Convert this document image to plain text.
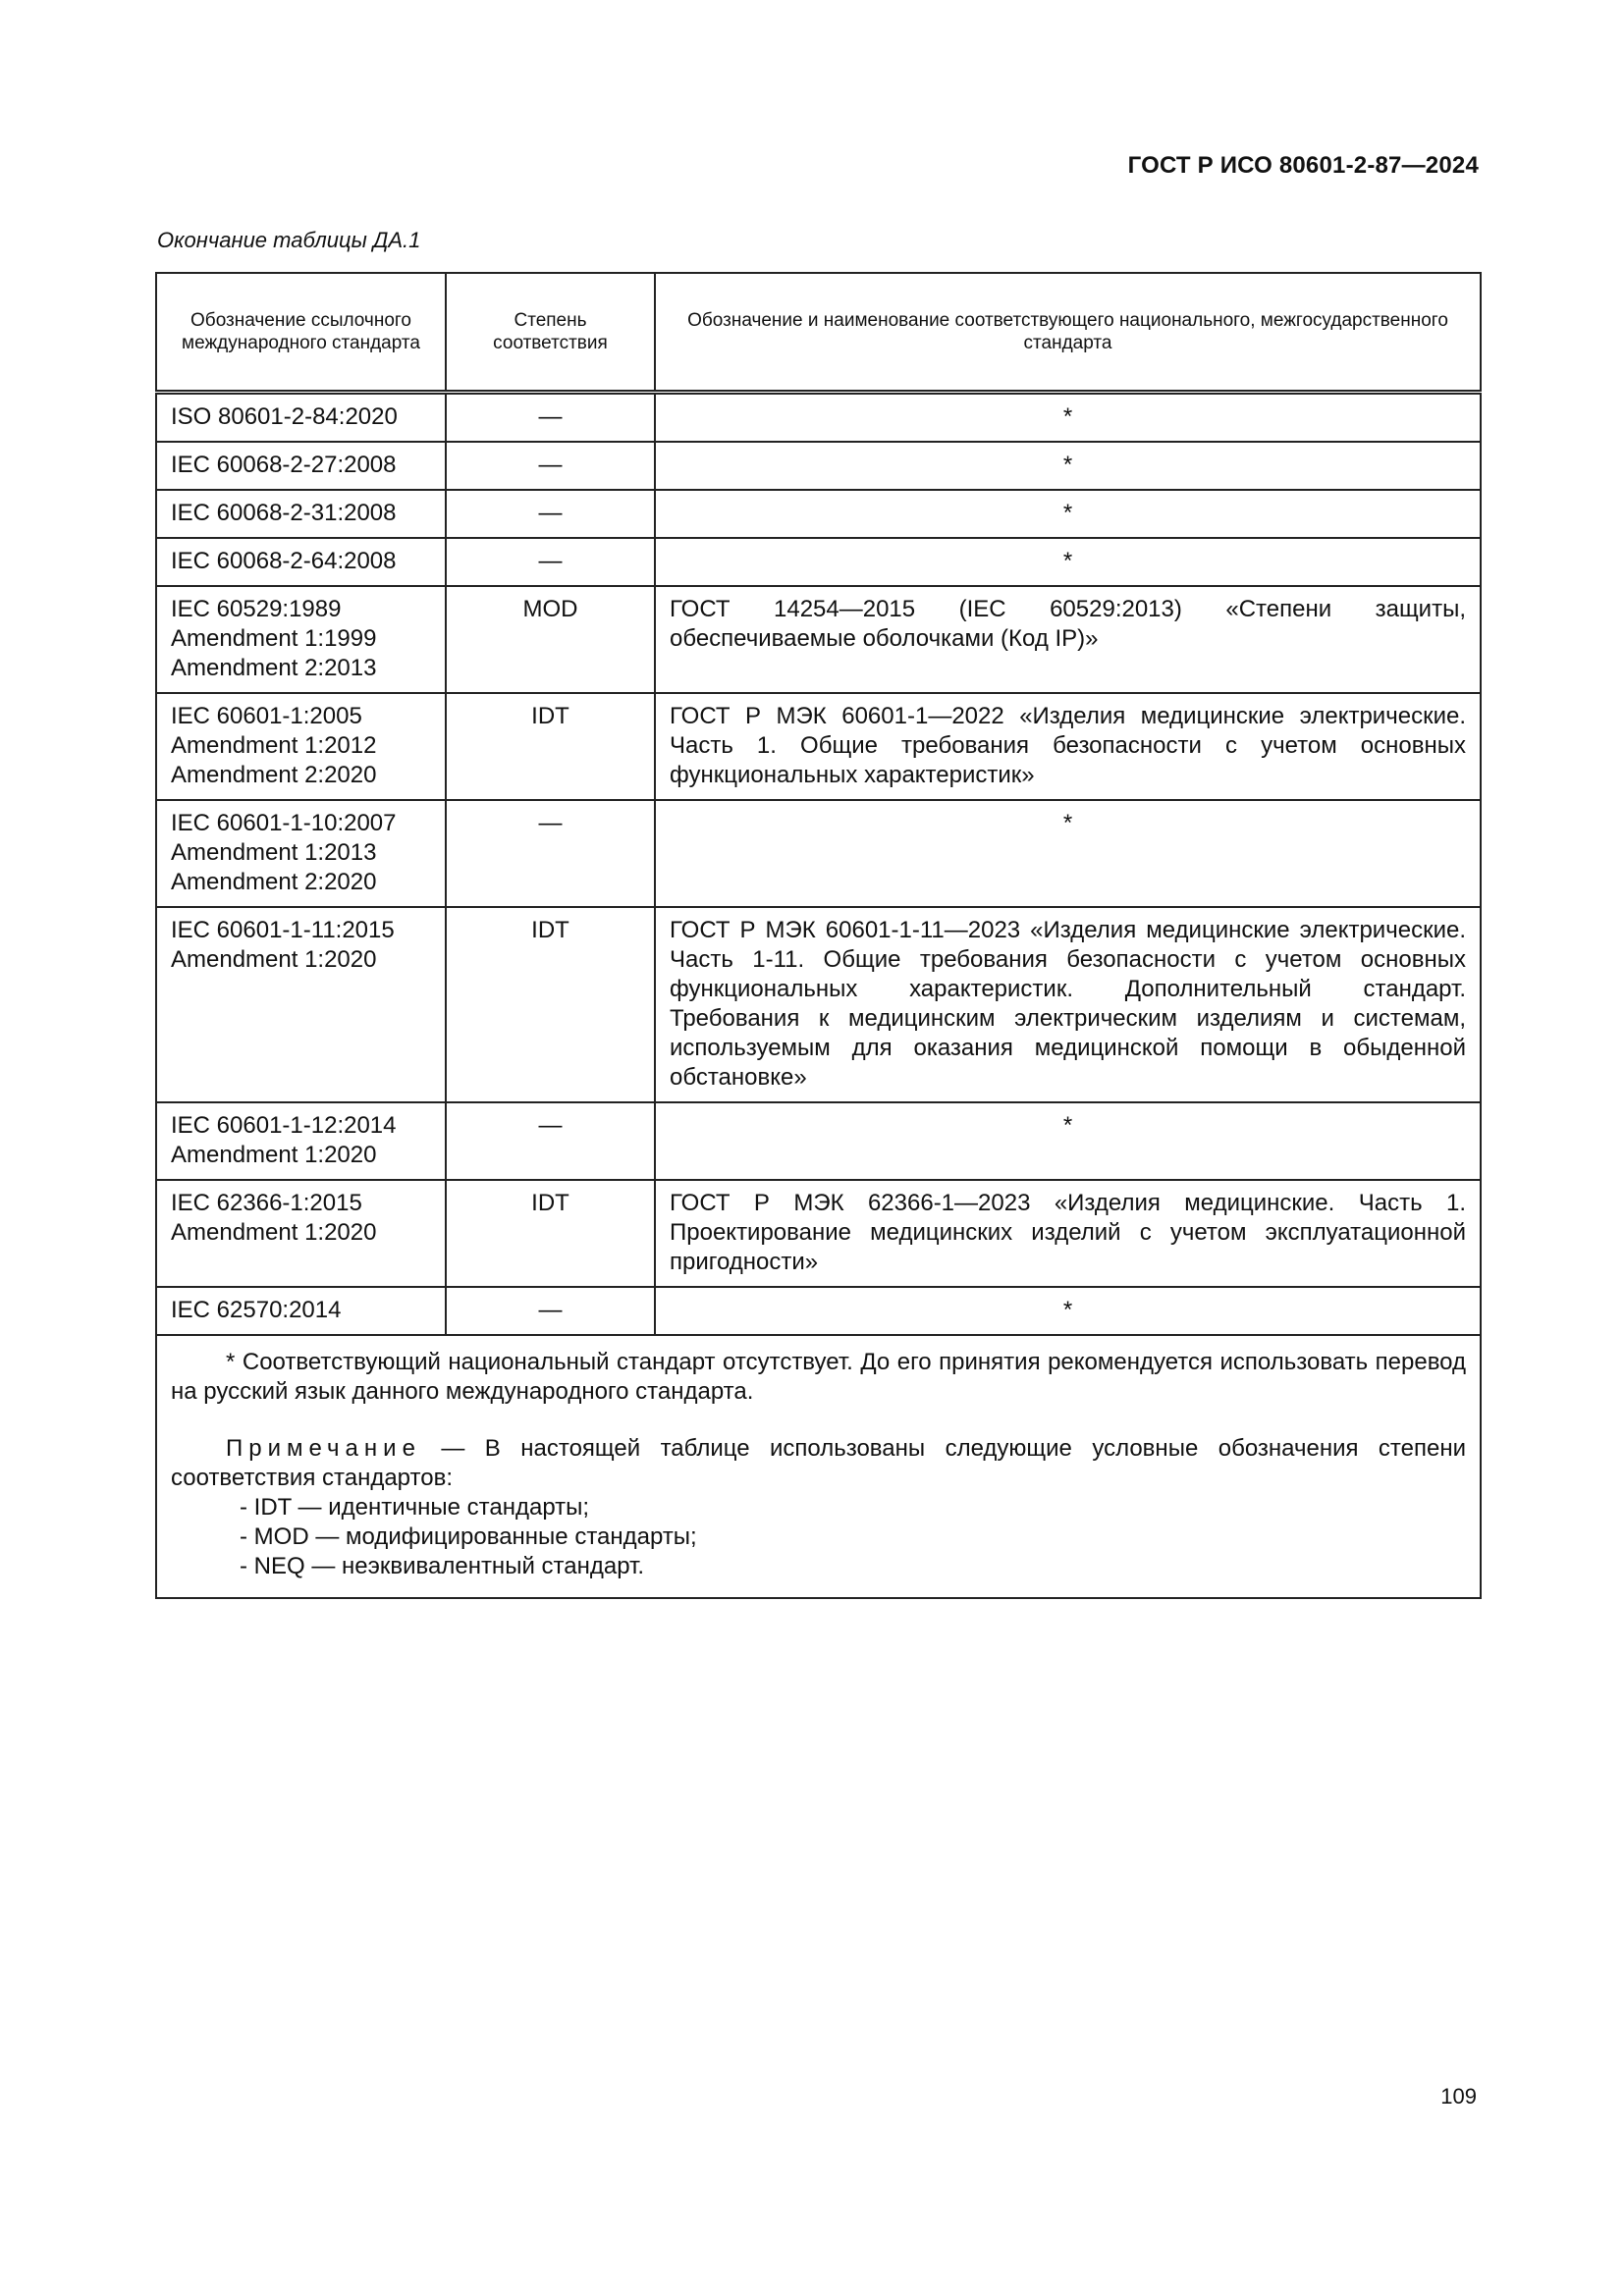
ГОСТ Р ИСО 80601-2-87—2024
Окончание таблицы ДА.1
Обозначение ссылочного международного стандарта	Степень соответствия	Обозначение и наименование соответствующего национального, межгосударственного стандарта

ISO 80601-2-84:2020	—	*

IEC 60068-2-27:2008	—	*

IEC 60068-2-31:2008	—	*

IEC 60068-2-64:2008	—	*

IEC 60529:1989
Amendment 1:1999
Amendment 2:2013	MOD	ГОСТ 14254—2015 (IEC 60529:2013) «Степени защиты, обеспечиваемые оболочками (Код IP)»

IEC 60601-1:2005
Amendment 1:2012
Amendment 2:2020	IDT	ГОСТ Р МЭК 60601-1—2022 «Изделия медицинские электрические. Часть 1. Общие требования безопасности с учетом основных функциональных характеристик»

IEC 60601-1-10:2007
Amendment 1:2013
Amendment 2:2020	—	*

IEC 60601-1-11:2015
Amendment 1:2020	IDT	ГОСТ Р МЭК 60601-1-11—2023 «Изделия медицинские электрические. Часть 1-11. Общие требования безопасности с учетом основных функциональных характеристик. Дополнительный стандарт. Требования к медицинским электрическим изделиям и системам, используемым для оказания медицинской помощи в обыденной обстановке»

IEC 60601-1-12:2014
Amendment 1:2020	—	*

IEC 62366-1:2015
Amendment 1:2020	IDT	ГОСТ Р МЭК 62366-1—2023 «Изделия медицинские. Часть 1. Проектирование медицинских изделий с учетом эксплуатационной пригодности»

IEC 62570:2014	—	*

* Соответствующий национальный стандарт отсутствует. До его принятия рекомендуется использовать перевод на русский язык данного международного стандарта.

Примечание — В настоящей таблице использованы следующие условные обозначения степени соответствия стандартов:

- IDT — идентичные стандарты;
- MOD — модифицированные стандарты;
- NEQ — неэквивалентный стандарт.		
109
